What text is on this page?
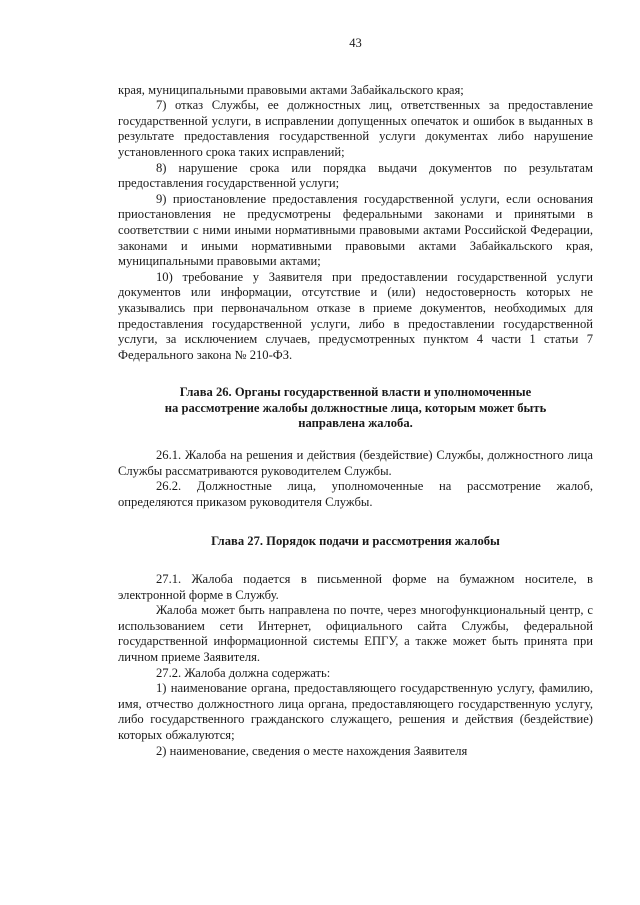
43

края, муниципальными правовыми актами Забайкальского края;

7) отказ Службы, ее должностных лиц, ответственных за предоставление государственной услуги, в исправлении допущенных опечаток и ошибок в выданных в результате предоставления государственной услуги документах либо нарушение установленного срока таких исправлений;

8) нарушение срока или порядка выдачи документов по результатам предоставления государственной услуги;

9) приостановление предоставления государственной услуги, если основания приостановления не предусмотрены федеральными законами и принятыми в соответствии с ними иными нормативными правовыми актами Российской Федерации, законами и иными нормативными правовыми актами Забайкальского края, муниципальными правовыми актами;

10) требование у Заявителя при предоставлении государственной услуги документов или информации, отсутствие и (или) недостоверность которых не указывались при первоначальном отказе в приеме документов, необходимых для предоставления государственной услуги, либо в предоставлении государственной услуги, за исключением случаев, предусмотренных пунктом 4 части 1 статьи 7 Федерального закона № 210-ФЗ.

Глава 26. Органы государственной власти и уполномоченные
на рассмотрение жалобы должностные лица, которым может быть
направлена жалоба.

26.1. Жалоба на решения и действия (бездействие) Службы, должностного лица Службы рассматриваются руководителем Службы.

26.2. Должностные лица, уполномоченные на рассмотрение жалоб, определяются приказом руководителя Службы.

Глава 27. Порядок подачи и рассмотрения жалобы

27.1. Жалоба подается в письменной форме на бумажном носителе, в электронной форме в Службу.

Жалоба может быть направлена по почте, через многофункциональный центр, с использованием сети Интернет, официального сайта Службы, федеральной государственной информационной системы ЕПГУ, а также может быть принята при личном приеме Заявителя.

27.2. Жалоба должна содержать:

1) наименование органа, предоставляющего государственную услугу, фамилию, имя, отчество должностного лица органа, предоставляющего государственную услугу, либо государственного гражданского служащего, решения и действия (бездействие) которых обжалуются;

2) наименование, сведения о месте нахождения Заявителя
